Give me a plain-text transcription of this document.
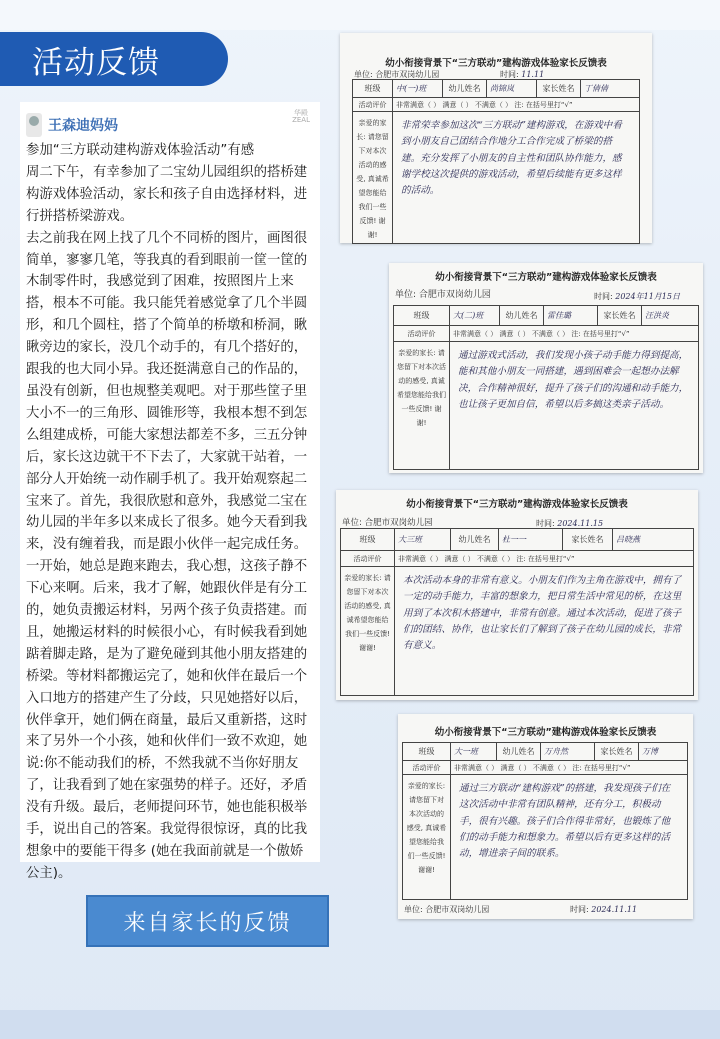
活动反馈
王森迪妈妈
华殿
ZEAL
参加“三方联动建构游戏体验活动”有感
周二下午，有幸参加了二宝幼儿园组织的搭桥建构游戏体验活动，家长和孩子自由选择材料，进行拼搭桥梁游戏。
去之前我在网上找了几个不同桥的图片，画图很简单，寥寥几笔，等我真的看到眼前一筐一筐的木制零件时，我感觉到了困难，按照图片上来搭，根本不可能。我只能凭着感觉拿了几个半圆形，和几个圆柱，搭了个简单的桥墩和桥洞，瞅瞅旁边的家长，没几个动手的，有几个搭好的，跟我的也大同小异。我还挺满意自己的作品的，虽没有创新，但也规整美观吧。对于那些筐子里大小不一的三角形、圆锥形等，我根本想不到怎么组建成桥，可能大家想法都差不多，三五分钟后，家长这边就干不下去了，大家就干站着，一部分人开始统一动作刷手机了。我开始观察起二宝来了。首先，我很欣慰和意外，我感觉二宝在幼儿园的半年多以来成长了很多。她今天看到我来，没有缠着我，而是跟小伙伴一起完成任务。一开始，她总是跑来跑去，我心想，这孩子静不下心来啊。后来，我才了解，她跟伙伴是有分工的，她负责搬运材料，另两个孩子负责搭建。而且，她搬运材料的时候很小心，有时候我看到她踮着脚走路，是为了避免碰到其他小朋友搭建的桥梁。等材料都搬运完了，她和伙伴在最后一个入口地方的搭建产生了分歧，只见她搭好以后，伙伴拿开，她们俩在商量，最后又重新搭，这时来了另外一个小孩，她和伙伴们一致不欢迎，她说:你不能动我们的桥，不然我就不当你好朋友了，让我看到了她在家强势的样子。还好，矛盾没有升级。最后，老师提问环节，她也能积极举手，说出自己的答案。我觉得很惊讶，真的比我想象中的要能干得多 (她在我面前就是一个傲娇公主)。
来自家长的反馈
幼小衔接背景下“三方联动”建构游戏体验家长反馈表
单位: 合肥市双岗幼儿园	时间: 11.11
班级	中(一)班	幼儿姓名	尚锦岚	家长姓名	丁倩倩
活动评价	非常满意（ ） 满意（ ） 不满意（ ） 注: 在括号里打“√”				
亲爱的家长: 请您留下对本次活动的感受, 真诚希望您能给我们一些反馈! 谢谢!	非常荣幸参加这次“三方联动”建构游戏，在游戏中看到小朋友自己团结合作地分工合作完成了桥梁的搭建。充分发挥了小朋友的自主性和团队协作能力，感谢学校这次提供的游戏活动，希望后续能有更多这样的活动。				
幼小衔接背景下“三方联动”建构游戏体验家长反馈表
单位: 合肥市双岗幼儿园	时间: 2024年11月15日
班级	大(二)班	幼儿姓名	雷佳璐	家长姓名	汪洪炎
活动评价	非常满意（ ） 满意（ ） 不满意（ ） 注: 在括号里打“√”				
亲爱的家长: 请您留下对本次活动的感受, 真诚希望您能给我们一些反馈! 谢谢!	通过游戏式活动，我们发现小孩子动手能力得到提高，能和其他小朋友一同搭建，遇到困难会一起想办法解决，合作精神很好，提升了孩子们的沟通和动手能力，也让孩子更加自信，希望以后多搞这类亲子活动。				
幼小衔接背景下“三方联动”建构游戏体验家长反馈表
单位: 合肥市双岗幼儿园	时间: 2024.11.15
班级	大三班	幼儿姓名	杜一一	家长姓名	吕晓燕
活动评价	非常满意（ ） 满意（ ） 不满意（ ） 注: 在括号里打“√”				
亲爱的家长: 请您留下对本次活动的感受, 真诚希望您能给我们一些反馈! 谢谢!	本次活动本身的非常有意义。小朋友们作为主角在游戏中，拥有了一定的动手能力，丰富的想象力，把日常生活中常见的桥，在这里用到了本次积木搭建中，非常有创意。通过本次活动，促进了孩子们的团结、协作，也让家长们了解到了孩子在幼儿园的成长，非常有意义。				
幼小衔接背景下“三方联动”建构游戏体验家长反馈表
班级	大一班	幼儿姓名	万舟然	家长姓名	万博
活动评价	非常满意（ ） 满意（ ） 不满意（ ） 注: 在括号里打“√”				
亲爱的家长: 请您留下对本次活动的感受, 真诚希望您能给我们一些反馈! 谢谢!	通过三方联动“建构游戏”的搭建，我发现孩子们在这次活动中非常有团队精神，还有分工，积极动手，很有兴趣。孩子们合作得非常好，也锻炼了他们的动手能力和想象力。希望以后有更多这样的活动，增进亲子间的联系。				
单位: 合肥市双岗幼儿园	时间: 2024.11.11
